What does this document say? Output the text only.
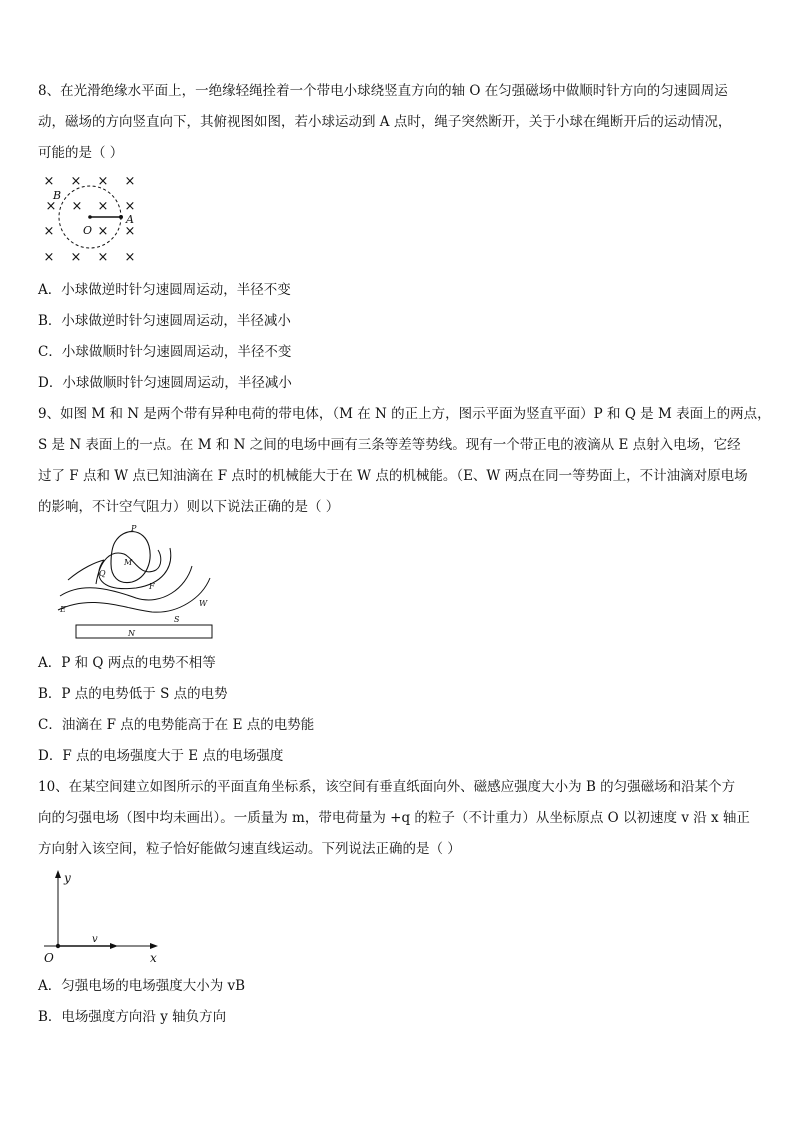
8、在光滑绝缘水平面上，一绝缘轻绳拴着一个带电小球绕竖直方向的轴 O 在匀强磁场中做顺时针方向的匀速圆周运
动，磁场的方向竖直向下，其俯视图如图，若小球运动到 A 点时，绳子突然断开，关于小球在绳断开后的运动情况，
可能的是（ ）
× × × ×
× × × ×
×	× ×
× × × ×
B
O
A
A．小球做逆时针匀速圆周运动，半径不变
B．小球做逆时针匀速圆周运动，半径减小
C．小球做顺时针匀速圆周运动，半径不变
D．小球做顺时针匀速圆周运动，半径减小
9、如图 M 和 N 是两个带有异种电荷的带电体，（M 在 N 的正上方，图示平面为竖直平面）P 和 Q 是 M 表面上的两点，
S 是 N 表面上的一点。在 M 和 N 之间的电场中画有三条等差等势线。现有一个带正电的液滴从 E 点射入电场，它经
过了 F 点和 W 点已知油滴在 F 点时的机械能大于在 W 点的机械能。（E、W 两点在同一等势面上，不计油滴对原电场
的影响，不计空气阻力）则以下说法正确的是（ ）
P
M
Q
F
E
W
S
N
A．P 和 Q 两点的电势不相等
B．P 点的电势低于 S 点的电势
C．油滴在 F 点的电势能高于在 E 点的电势能
D．F 点的电场强度大于 E 点的电场强度
10、在某空间建立如图所示的平面直角坐标系，该空间有垂直纸面向外、磁感应强度大小为 B 的匀强磁场和沿某个方
向的匀强电场（图中均未画出）。一质量为 m，带电荷量为 +q 的粒子（不计重力）从坐标原点 O 以初速度 v 沿 x 轴正
方向射入该空间，粒子恰好能做匀速直线运动。下列说法正确的是（ ）
y
x
O
v
A．匀强电场的电场强度大小为 vB
B．电场强度方向沿 y 轴负方向
